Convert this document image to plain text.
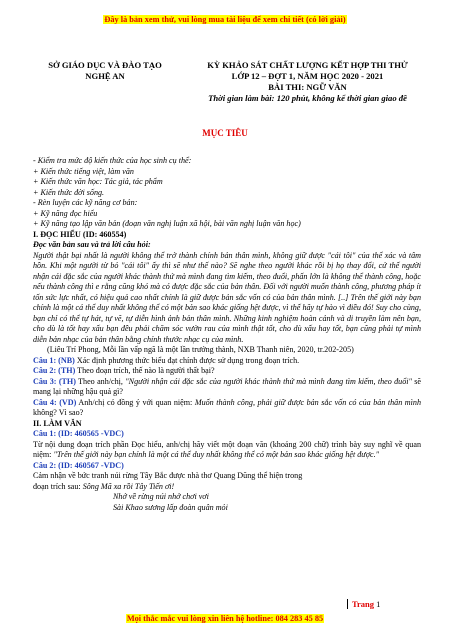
Đây là bản xem thử, vui lòng mua tài liệu để xem chi tiết (có lời giải)
SỞ GIÁO DỤC VÀ ĐÀO TẠO
NGHỆ AN
KỲ KHẢO SÁT CHẤT LƯỢNG KẾT HỢP THI THỬ
LỚP 12 – ĐỢT 1, NĂM HỌC 2020 - 2021
BÀI THI: NGỮ VĂN
Thời gian làm bài: 120 phút, không kể thời gian giao đề
MỤC TIÊU

- Kiểm tra mức độ kiến thức của học sinh cụ thể:

+ Kiến thức tiếng việt, làm văn

+ Kiến thức văn học: Tác giả, tác phẩm

+ Kiến thức đời sống.

- Rèn luyện các kỹ năng cơ bản:

+ Kỹ năng đọc hiểu

+ Kỹ năng tạo lập văn bản (đoạn văn nghị luận xã hội, bài văn nghị luận văn học)

I. ĐỌC HIỂU (ID: 460554)

Đọc văn bản sau và trả lời câu hỏi:

Người thật bại nhất là người không thể trở thành chính bản thân mình, không giữ được "cái tôi" của thể xác và tâm hồn. Khi một người từ bỏ "cái tôi" ấy thì sẽ như thế nào? Sẽ nghe theo người khác rồi bị họ thay đổi, cứ thế người nhận cái đặc sắc của người khác thành thứ mà mình đang tìm kiếm, theo đuổi, phấn lớn là không thể thành công, hoặc nếu thành công thì e rằng cũng khó mà có được đặc sắc của bản thân. Đối với người muốn thành công, phương pháp ít tốn sức lực nhất, có hiệu quả cao nhất chính là giữ được bản sắc vốn có của bản thân mình. [..] Trên thế giới này bạn chính là một cá thể duy nhất không thể có một bản sao khác giống hệt được, vì thế hãy tự hào vì điều đó! Suy cho cùng, bạn chỉ có thể tự hát, tự vẽ, tự diễn hình ảnh bản thân mình. Những kinh nghiệm hoàn cảnh và di truyền làm nên bạn, cho dù là tốt hay xấu bạn đều phải chăm sóc vườn rau của mình thật tốt, cho dù xấu hay tốt, bạn cũng phải tự mình diễn bản nhạc của bản thân bằng chính thước nhạc cụ của mình.

(Liêu Trí Phong, Mỗi lần vấp ngã là một lần trưởng thành, NXB Thanh niên, 2020, tr.202-205)

Câu 1: (NB) Xác định phương thức biểu đạt chính được sử dụng trong đoạn trích.

Câu 2: (TH) Theo đoạn trích, thế nào là người thất bại?

Câu 3: (TH) Theo anh/chị, "Người nhận cái đặc sắc của người khác thành thứ mà mình đang tìm kiếm, theo đuổi" sẽ mang lại những hậu quả gì?

Câu 4: (VD) Anh/chị có đồng ý với quan niệm: Muốn thành công, phải giữ được bản sắc vốn có của bản thân mình không? Vì sao?

II. LÀM VĂN

Câu 1: (ID: 460565 -VDC)

Từ nội dung đoạn trích phần Đọc hiểu, anh/chị hãy viết một đoạn văn (khoảng 200 chữ) trình bày suy nghĩ về quan niệm: "Trên thế giới này bạn chính là một cá thể duy nhất không thể có một bản sao khác giống hệt được."

Câu 2: (ID: 460567 -VDC)

Cảm nhận về bức tranh núi rừng Tây Bắc được nhà thơ Quang Dũng thể hiện trong

đoạn trích sau: Sông Mã xa rồi Tây Tiến ơi!

Nhớ về rừng núi nhớ chơi vơi

Sài Khao sương lấp đoàn quân mỏi

Trang 1
Mọi thắc mắc vui lòng xin liên hệ hotline: 084 283 45 85
